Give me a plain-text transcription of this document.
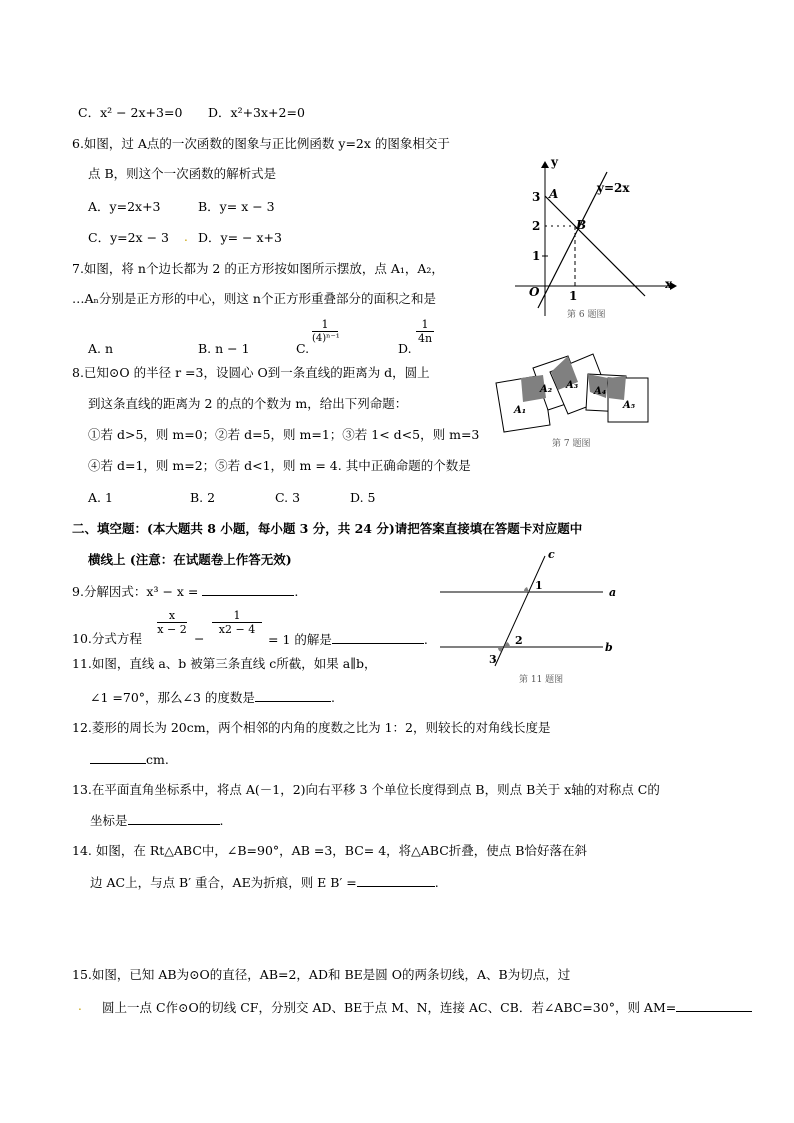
C．x² − 2x+3=0 D．x²+3x+2=0
6.如图，过 A点的一次函数的图象与正比例函数 y=2x 的图象相交于
点 B，则这个一次函数的解析式是
A．y=2x+3	B．y= x − 3
C．y=2x − 3 . D．y= − x+3
7.如图，将 n个边长都为 2 的正方形按如图所示摆放，点 A₁，A₂，
…Aₙ分别是正方形的中心，则这 n个正方形重叠部分的面积之和是
A. n	B. n − 1	C.
$\frac{1}{\text{(4)ⁿ⁻¹}}$
D.
$\frac{1}{4n}$
8.已知⊙O 的半径 r =3，设圆心 O到一条直线的距离为 d，圆上
到这条直线的距离为 2 的点的个数为 m，给出下列命题：
①若 d>5，则 m=0；②若 d=5，则 m=1；③若 1< d<5，则 m=3
④若 d=1，则 m=2；⑤若 d<1，则 m = 4. 其中正确命题的个数是
A. 1	B. 2	C. 3	D. 5
二、填空题：(本大题共 8 小题，每小题 3 分，共 24 分)请把答案直接填在答题卡对应题中
横线上 (注意：在试题卷上作答无效)
9.分解因式：x³ − x =	.
10.分式方程
$\frac{x}{x - 2}$
−
$\frac{1}{x2 - 4}$
= 1 的解是	.
11.如图，直线 a、b 被第三条直线 c所截，如果 a∥b，
∠1 =70°，那么∠3 的度数是	.
12.菱形的周长为 20cm，两个相邻的内角的度数之比为 1：2，则较长的对角线长度是
cm.
13.在平面直角坐标系中，将点 A(－1，2)向右平移 3 个单位长度得到点 B，则点 B关于 x轴的对称点 C的
坐标是	.
14. 如图，在 Rt△ABC中，∠B=90°，AB =3，BC= 4，将△ABC折叠，使点 B恰好落在斜
边 AC上，与点 B′ 重合，AE为折痕，则 E B′ =	.
15.如图，已知 AB为⊙O的直径，AB=2，AD和 BE是圆 O的两条切线，A、B为切点，过
. 圆上一点 C作⊙O的切线 CF，分别交 AD、BE于点 M、N，连接 AC、CB．若∠ABC=30°，则 AM=
y
x
O
3
2
1
1
A
B
y=2x
第 6 题图
A₁
A₂ A₃
A₄
A₅
第 7 题图
c
a
b
1
2
3
第 11 题图
